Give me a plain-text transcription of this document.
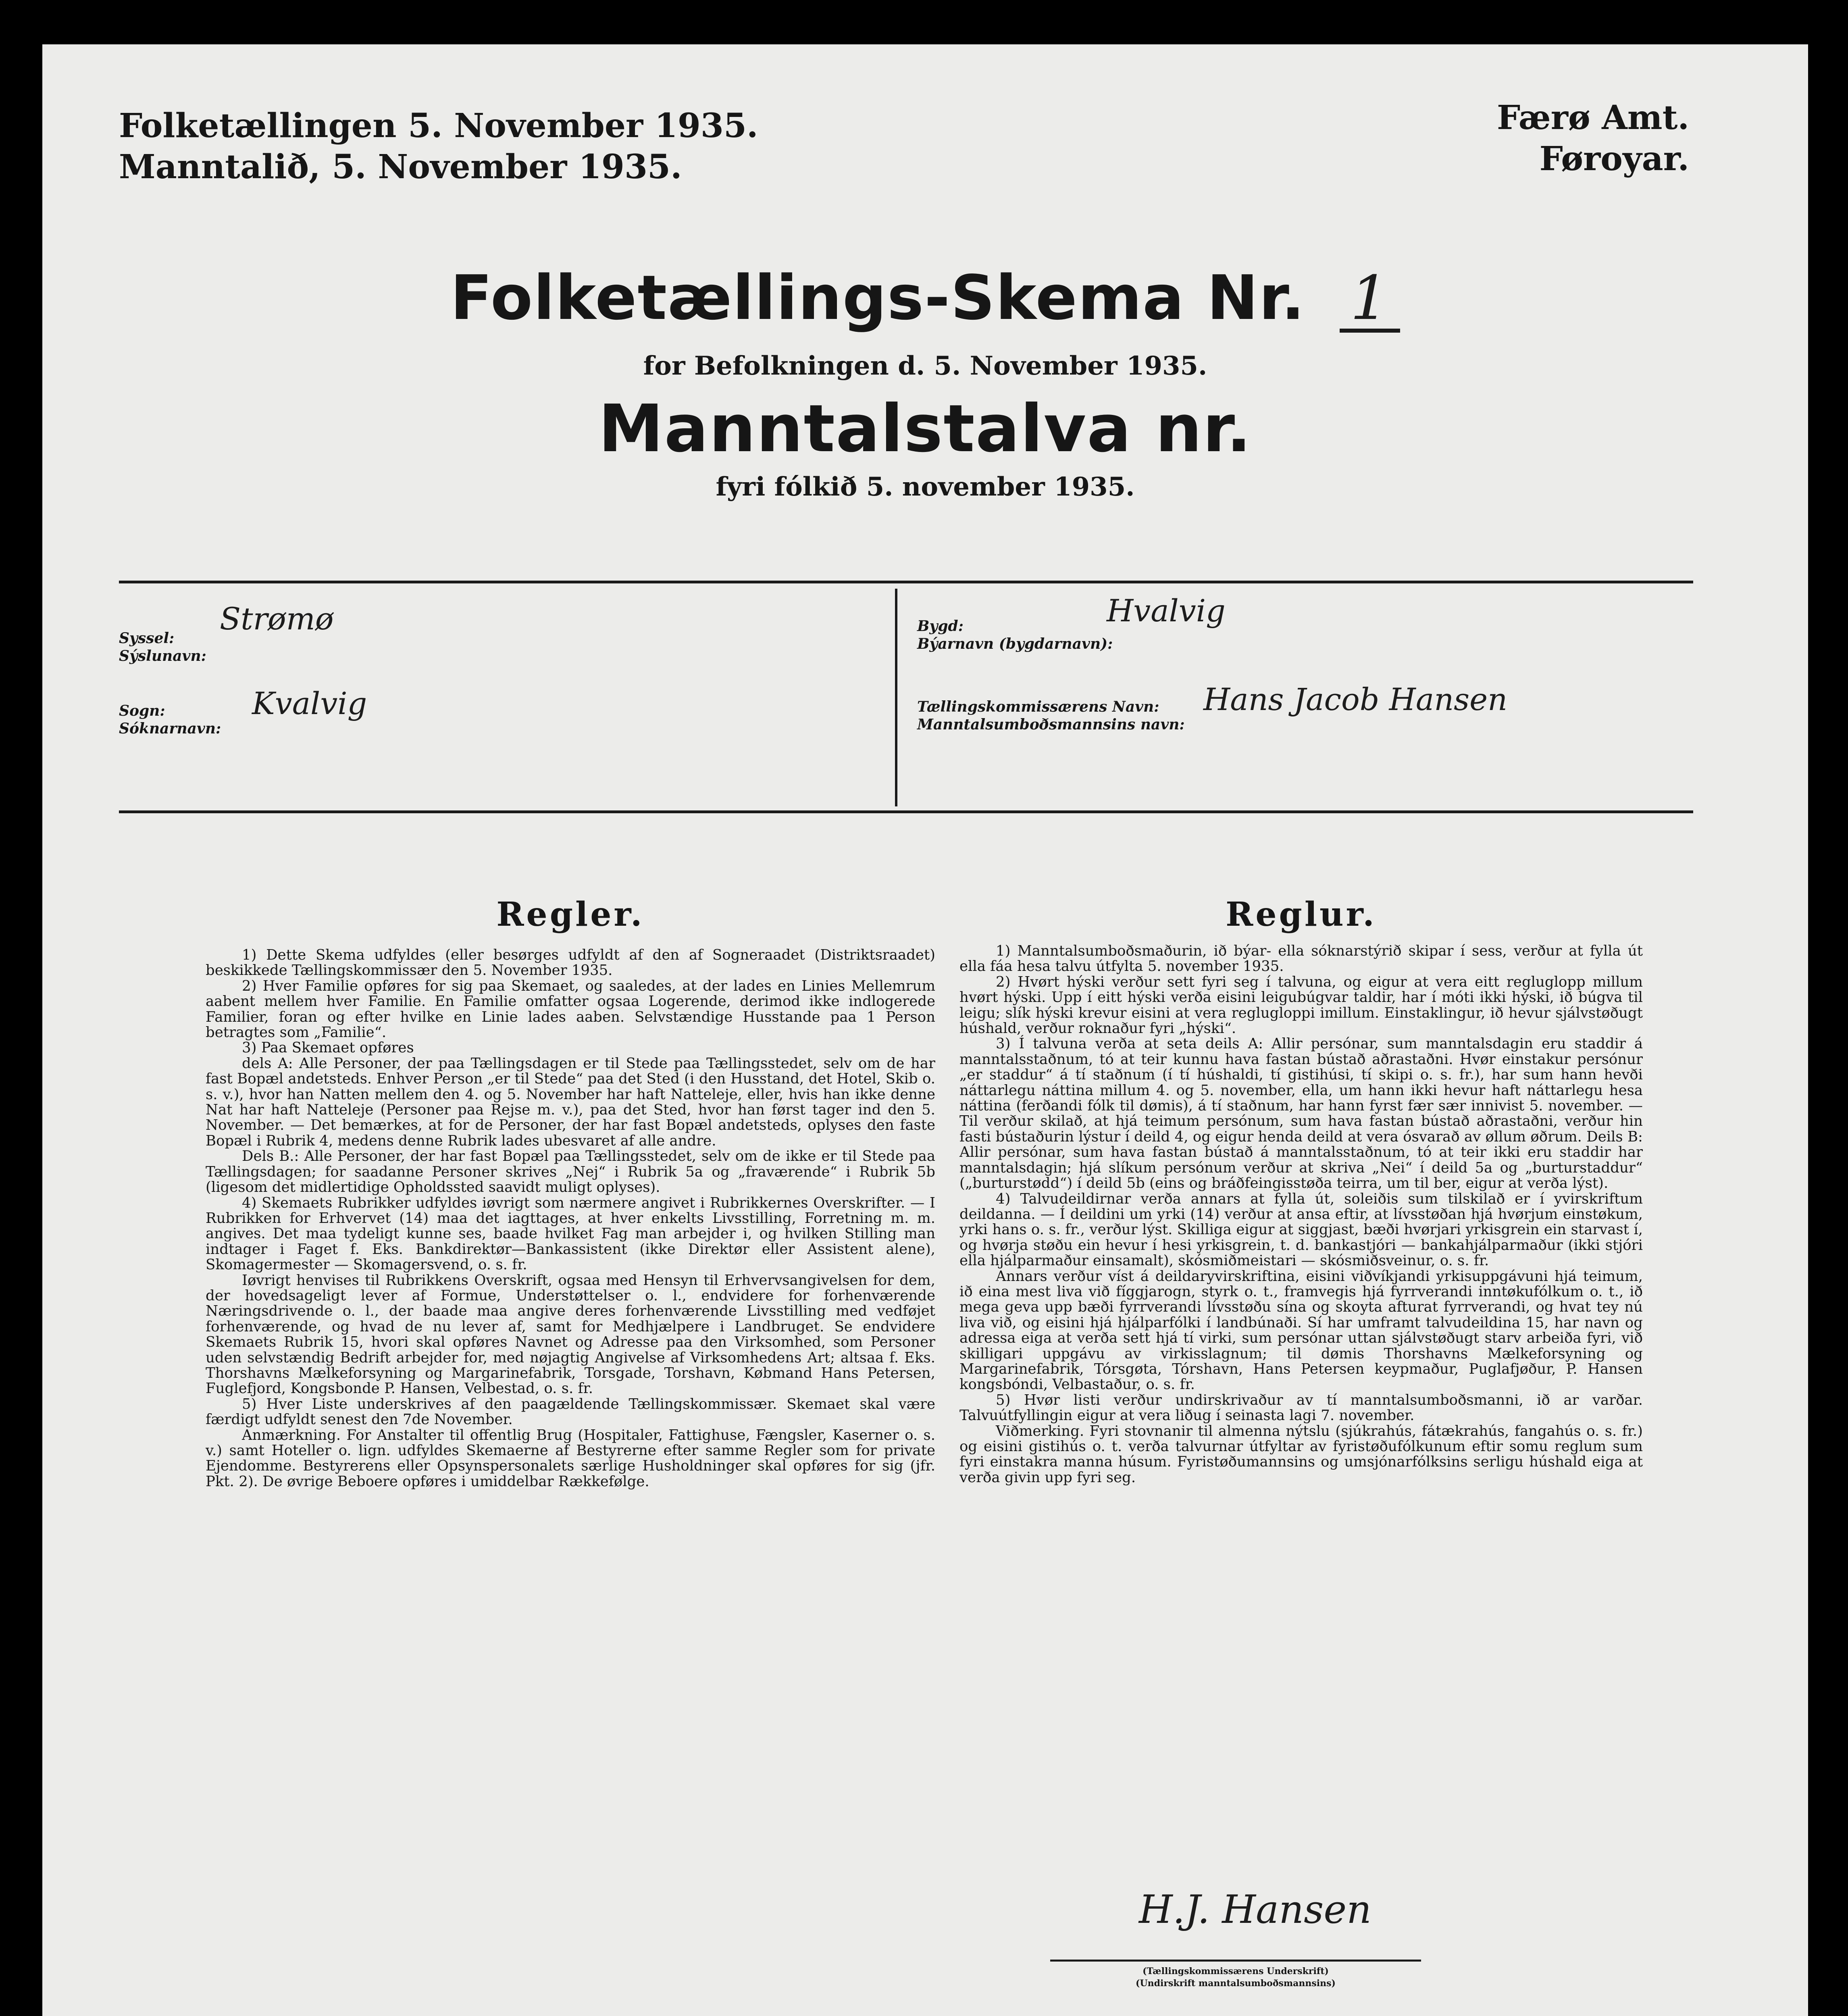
Folketællingen 5. November 1935.
Manntalið, 5. November 1935.
Færø Amt.
Føroyar.
Folketællings-Skema Nr. 1
for Befolkningen d. 5. November 1935.
Manntalstalva nr.
fyri fólkið 5. november 1935.
Syssel:
Sýslunavn:
Strømø
Sogn:
Sóknarnavn:
Kvalvig
Bygd:
Býarnavn (bygdarnavn):
Hvalvig
Tællingskommissærens Navn:
Manntalsumboðsmannsins navn:
Hans Jacob Hansen
Regler.

1) Dette Skema udfyldes (eller besørges udfyldt af den af Sogneraadet (Distriktsraadet) beskikkede Tællingskommissær den 5. November 1935.

2) Hver Familie opføres for sig paa Skemaet, og saaledes, at der lades en Linies Mellemrum aabent mellem hver Familie. En Familie omfatter ogsaa Logerende, derimod ikke indlogerede Familier, foran og efter hvilke en Linie lades aaben. Selvstændige Husstande paa 1 Person betragtes som „Familie“.

3) Paa Skemaet opføres

dels A: Alle Personer, der paa Tællingsdagen er til Stede paa Tællingsstedet, selv om de har fast Bopæl andetsteds. Enhver Person „er til Stede“ paa det Sted (i den Husstand, det Hotel, Skib o. s. v.), hvor han Natten mellem den 4. og 5. November har haft Natteleje, eller, hvis han ikke denne Nat har haft Natteleje (Personer paa Rejse m. v.), paa det Sted, hvor han først tager ind den 5. November. — Det bemærkes, at for de Personer, der har fast Bopæl andetsteds, oplyses den faste Bopæl i Rubrik 4, medens denne Rubrik lades ubesvaret af alle andre.

Dels B.: Alle Personer, der har fast Bopæl paa Tællingsstedet, selv om de ikke er til Stede paa Tællingsdagen; for saadanne Personer skrives „Nej“ i Rubrik 5a og „fraværende“ i Rubrik 5b (ligesom det midlertidige Opholdssted saavidt muligt oplyses).

4) Skemaets Rubrikker udfyldes iøvrigt som nærmere angivet i Rubrikkernes Overskrifter. — I Rubrikken for Erhvervet (14) maa det iagttages, at hver enkelts Livsstilling, Forretning m. m. angives. Det maa tydeligt kunne ses, baade hvilket Fag man arbejder i, og hvilken Stilling man indtager i Faget f. Eks. Bankdirektør—Bankassistent (ikke Direktør eller Assistent alene), Skomagermester — Skomagersvend, o. s. fr.

Iøvrigt henvises til Rubrikkens Overskrift, ogsaa med Hensyn til Erhvervsangivelsen for dem, der hovedsageligt lever af Formue, Understøttelser o. l., endvidere for forhenværende Næringsdrivende o. l., der baade maa angive deres forhenværende Livsstilling med vedføjet forhenværende, og hvad de nu lever af, samt for Medhjælpere i Landbruget. Se endvidere Skemaets Rubrik 15, hvori skal opføres Navnet og Adresse paa den Virksomhed, som Personer uden selvstændig Bedrift arbejder for, med nøjagtig Angivelse af Virksomhedens Art; altsaa f. Eks. Thorshavns Mælkeforsyning og Margarinefabrik, Torsgade, Torshavn, Købmand Hans Petersen, Fuglefjord, Kongsbonde P. Hansen, Velbestad, o. s. fr.

5) Hver Liste underskrives af den paagældende Tællingskommissær. Skemaet skal være færdigt udfyldt senest den 7de November.

Anmærkning. For Anstalter til offentlig Brug (Hospitaler, Fattighuse, Fængsler, Kaserner o. s. v.) samt Hoteller o. lign. udfyldes Skemaerne af Bestyrerne efter samme Regler som for private Ejendomme. Bestyrerens eller Opsynspersonalets særlige Husholdninger skal opføres for sig (jfr. Pkt. 2). De øvrige Beboere opføres i umiddelbar Rækkefølge.

Reglur.

1) Manntalsumboðsmaðurin, ið býar- ella sóknarstýrið skipar í sess, verður at fylla út ella fáa hesa talvu útfylta 5. november 1935.

2) Hvørt hýski verður sett fyri seg í talvuna, og eigur at vera eitt regluglopp millum hvørt hýski. Upp í eitt hýski verða eisini leigubúgvar taldir, har í móti ikki hýski, ið búgva til leigu; slík hýski krevur eisini at vera reglugloppi imillum. Einstaklingur, ið hevur sjálvstøðugt húshald, verður roknaður fyri „hýski“.

3) Í talvuna verða at seta deils A: Allir persónar, sum manntalsdagin eru staddir á manntalsstaðnum, tó at teir kunnu hava fastan bústað aðrastaðni. Hvør einstakur persónur „er staddur“ á tí staðnum (í tí húshaldi, tí gistihúsi, tí skipi o. s. fr.), har sum hann hevði náttarlegu náttina millum 4. og 5. november, ella, um hann ikki hevur haft náttarlegu hesa náttina (ferðandi fólk til dømis), á tí staðnum, har hann fyrst fær sær innivist 5. november. — Til verður skilað, at hjá teimum persónum, sum hava fastan bústað aðrastaðni, verður hin fasti bústaðurin lýstur í deild 4, og eigur henda deild at vera ósvarað av øllum øðrum. Deils B: Allir persónar, sum hava fastan bústað á manntalsstaðnum, tó at teir ikki eru staddir har manntalsdagin; hjá slíkum persónum verður at skriva „Nei“ í deild 5a og „burturstaddur“ („burturstødd“) í deild 5b (eins og bráðfeingisstøða teirra, um til ber, eigur at verða lýst).

4) Talvudeildirnar verða annars at fylla út, soleiðis sum tilskilað er í yvirskriftum deildanna. — Í deildini um yrki (14) verður at ansa eftir, at lívsstøðan hjá hvørjum einstøkum, yrki hans o. s. fr., verður lýst. Skilliga eigur at siggjast, bæði hvørjari yrkisgrein ein starvast í, og hvørja støðu ein hevur í hesi yrkisgrein, t. d. bankastjóri — bankahjálparmaður (ikki stjóri ella hjálparmaður einsamalt), skósmiðmeistari — skósmiðsveinur, o. s. fr.

Annars verður víst á deildaryvirskriftina, eisini viðvíkjandi yrkisuppgávuni hjá teimum, ið eina mest liva við fíggjarogn, styrk o. t., framvegis hjá fyrrverandi inntøkufólkum o. t., ið mega geva upp bæði fyrrverandi lívsstøðu sína og skoyta afturat fyrrverandi, og hvat tey nú liva við, og eisini hjá hjálparfólki í landbúnaði. Sí har umframt talvudeildina 15, har navn og adressa eiga at verða sett hjá tí virki, sum persónar uttan sjálvstøðugt starv arbeiða fyri, við skilligari uppgávu av virkisslagnum; til dømis Thorshavns Mælkeforsyning og Margarinefabrik, Tórsgøta, Tórshavn, Hans Petersen keypmaður, Puglafjøður, P. Hansen kongsbóndi, Velbastaður, o. s. fr.

5) Hvør listi verður undirskrivaður av tí manntalsumboðsmanni, ið ar varðar. Talvuútfyllingin eigur at vera liðug í seinasta lagi 7. november.

Viðmerking. Fyri stovnanir til almenna nýtslu (sjúkrahús, fátækrahús, fangahús o. s. fr.) og eisini gistihús o. t. verða talvurnar útfyltar av fyristøðufólkunum eftir somu reglum sum fyri einstakra manna húsum. Fyristøðumannsins og umsjónarfólksins serligu húshald eiga at verða givin upp fyri seg.

H.J. Hansen
(Tællingskommissærens Underskrift)
(Undirskrift manntalsumboðsmannsins)
